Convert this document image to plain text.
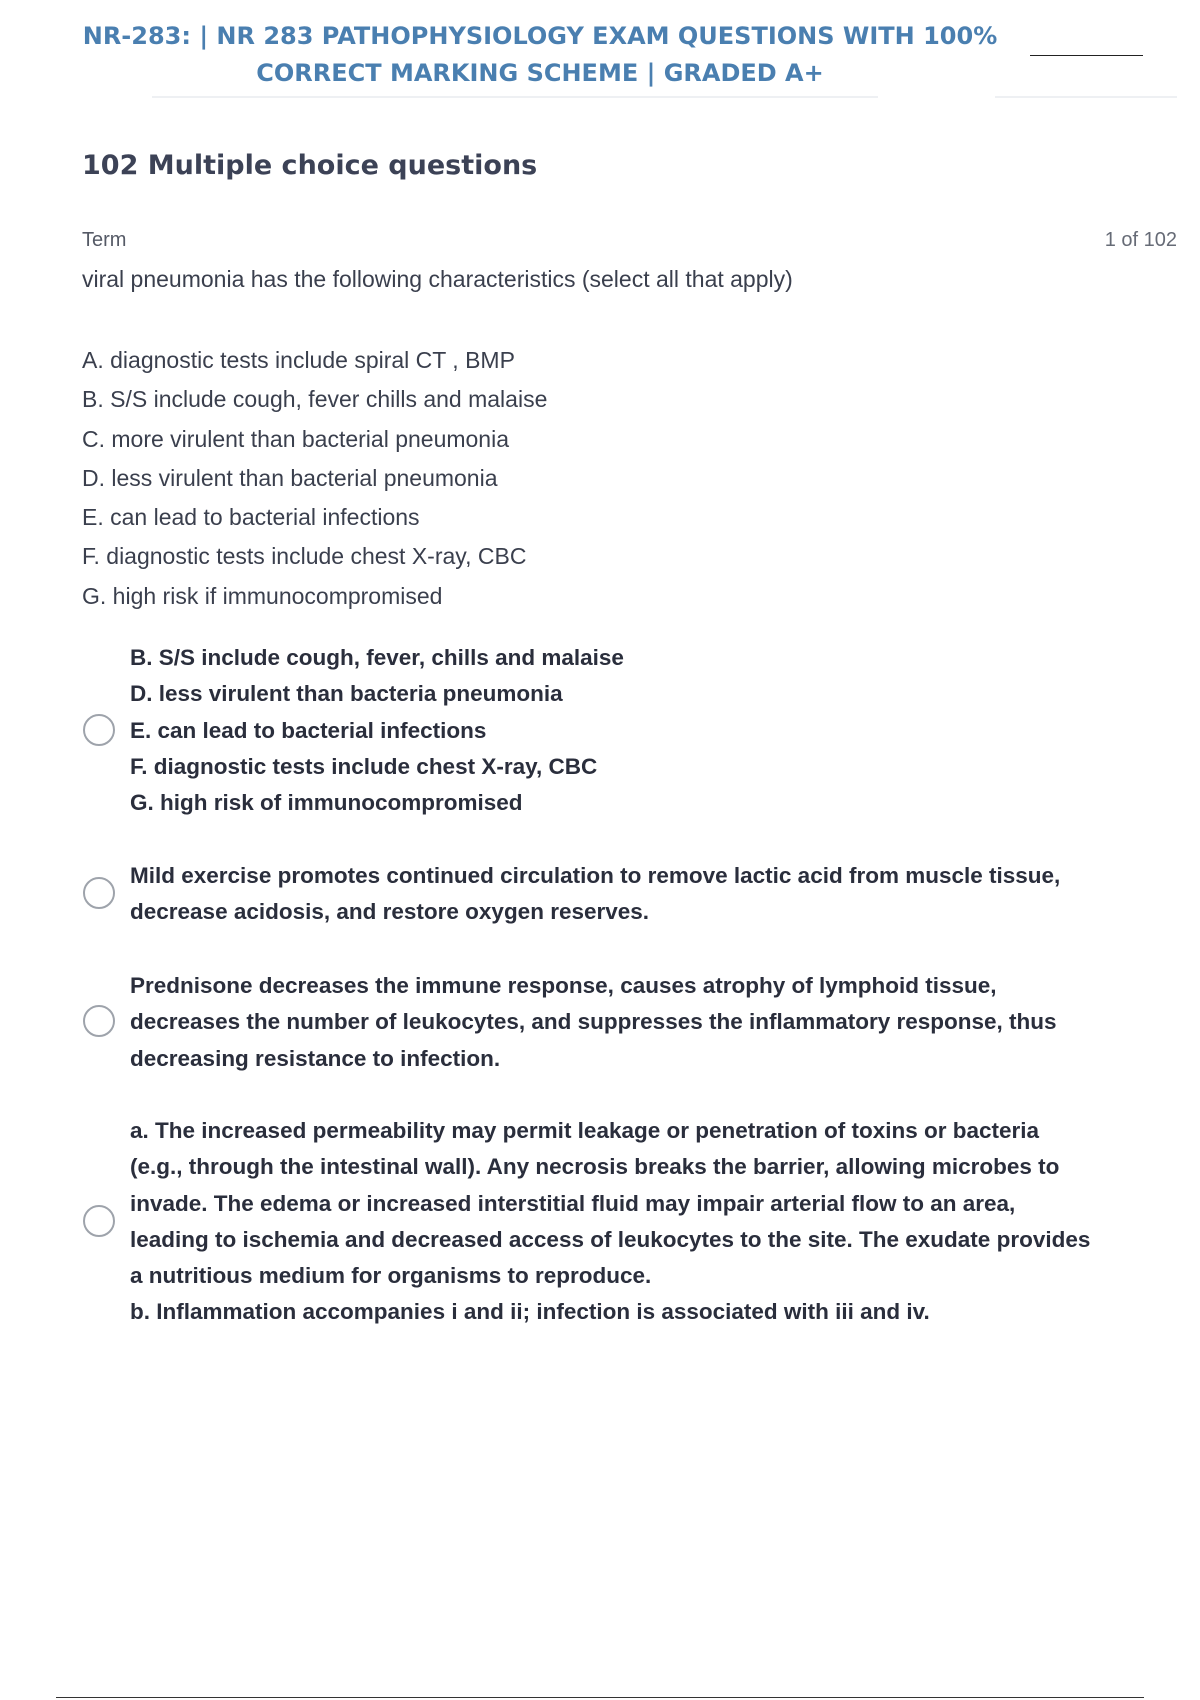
NR-283: | NR 283 PATHOPHYSIOLOGY EXAM QUESTIONS WITH 100%
CORRECT MARKING SCHEME | GRADED A+
102 Multiple choice questions
Term	1 of 102
viral pneumonia has the following characteristics (select all that apply)
A. diagnostic tests include spiral CT , BMP
B. S/S include cough, fever chills and malaise
C. more virulent than bacterial pneumonia
D. less virulent than bacterial pneumonia
E. can lead to bacterial infections
F. diagnostic tests include chest X-ray, CBC
G. high risk if immunocompromised
B. S/S include cough, fever, chills and malaise
D. less virulent than bacteria pneumonia
E. can lead to bacterial infections
F. diagnostic tests include chest X-ray, CBC
G. high risk of immunocompromised
Mild exercise promotes continued circulation to remove lactic acid from muscle tissue,
decrease acidosis, and restore oxygen reserves.
Prednisone decreases the immune response, causes atrophy of lymphoid tissue,
decreases the number of leukocytes, and suppresses the inflammatory response, thus
decreasing resistance to infection.
a. The increased permeability may permit leakage or penetration of toxins or bacteria
(e.g., through the intestinal wall). Any necrosis breaks the barrier, allowing microbes to
invade. The edema or increased interstitial fluid may impair arterial flow to an area,
leading to ischemia and decreased access of leukocytes to the site. The exudate provides
a nutritious medium for organisms to reproduce.
b. Inflammation accompanies i and ii; infection is associated with iii and iv.
